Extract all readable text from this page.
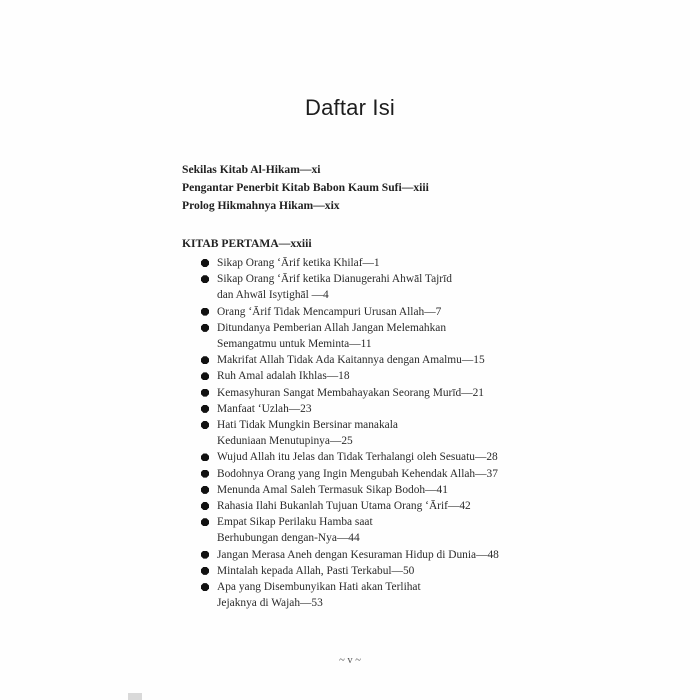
Daftar Isi
Sekilas Kitab Al-Hikam—xi
Pengantar Penerbit Kitab Babon Kaum Sufi—xiii
Prolog Hikmahnya Hikam—xix
KITAB PERTAMA—xxiii
Sikap Orang ‘Ārif ketika Khilaf—1
Sikap Orang ‘Ārif ketika Dianugerahi Ahwāl Tajrīd
dan Ahwāl Isytighāl —4
Orang ‘Ārif Tidak Mencampuri Urusan Allah—7
Ditundanya Pemberian Allah Jangan Melemahkan
Semangatmu untuk Meminta—11
Makrifat Allah Tidak Ada Kaitannya dengan Amalmu—15
Ruh Amal adalah Ikhlas—18
Kemasyhuran Sangat Membahayakan Seorang Murīd—21
Manfaat ‘Uzlah—23
Hati Tidak Mungkin Bersinar manakala
Keduniaan Menutupinya—25
Wujud Allah itu Jelas dan Tidak Terhalangi oleh Sesuatu—28
Bodohnya Orang yang Ingin Mengubah Kehendak Allah—37
Menunda Amal Saleh Termasuk Sikap Bodoh—41
Rahasia Ilahi Bukanlah Tujuan Utama Orang ‘Ārif—42
Empat Sikap Perilaku Hamba saat
Berhubungan dengan-Nya—44
Jangan Merasa Aneh dengan Kesuraman Hidup di Dunia—48
Mintalah kepada Allah, Pasti Terkabul—50
Apa yang Disembunyikan Hati akan Terlihat
Jejaknya di Wajah—53
~ v ~
